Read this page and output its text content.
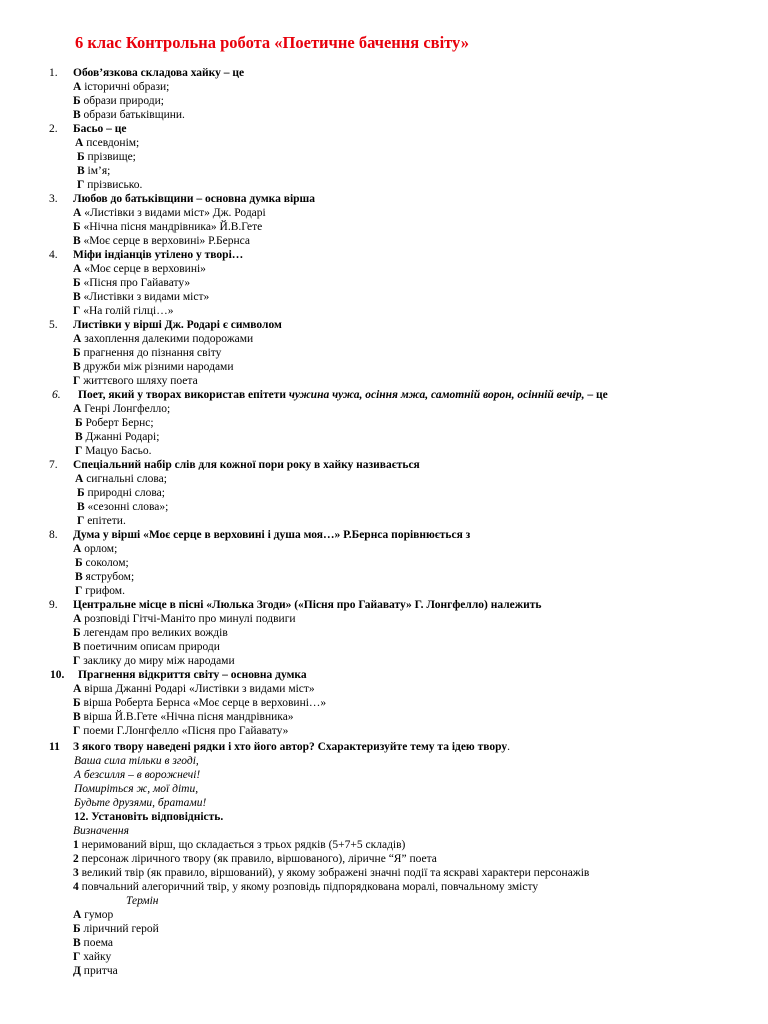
6 клас Контрольна робота «Поетичне бачення світу»
1. Обов’язкова складова хайку – це
А історичні образи;
Б образи природи;
В образи батьківщини.
2. Басьо – це
А псевдонім;
Б прізвище;
В ім’я;
Г прізвисько.
3. Любов до батьківщини – основна думка вірша
А «Листівки з видами міст» Дж. Родарі
Б «Нічна пісня мандрівника» Й.В.Гете
В «Моє серце в верховині» Р.Бернса
4. Міфи індіанців утілено у творі…
А «Моє серце в верховині»
Б «Пісня про Гайавату»
В «Листівки з видами міст»
Г «На голій гілці…»
5. Листівки у вірші Дж. Родарі є символом
А захоплення далекими подорожами
Б прагнення до пізнання світу
В дружби між різними народами
Г життєвого шляху поета
6. Поет, який у творах використав епітети чужина чужа, осіння мжа, самотній ворон, осінній вечір, – це
А Генрі Лонгфелло;
Б Роберт Бернс;
В Джанні Родарі;
Г Мацуо Басьо.
7. Спеціальний набір слів для кожної пори року в хайку називається
А сигнальні слова;
Б природні слова;
В «сезонні слова»;
Г епітети.
8. Дума у вірші «Моє серце в верховині і душа моя…» Р.Бернса порівнюється з
А орлом;
Б соколом;
В яструбом;
Г грифом.
9. Центральне місце в пісні «Люлька Згоди» («Пісня про Гайавату» Г. Лонгфелло) належить
А розповіді Гітчі-Маніто про минулі подвиги
Б легендам про великих вождів
В поетичним описам природи
Г заклику до миру між народами
10. Прагнення відкриття світу – основна думка
А вірша Джанні Родарі «Листівки з видами міст»
Б вірша Роберта Бернса «Моє серце в верховині…»
В вірша Й.В.Гете «Нічна пісня мандрівника»
Г поеми Г.Лонгфелло «Пісня про Гайавату»
11 З якого твору наведені рядки і хто його автор? Схарактеризуйте тему та ідею твору.
Ваша сила тільки в згоді,
А безсилля – в ворожнечі!
Помиріться ж, мої діти,
Будьте друзями, братами!
12. Установіть відповідність.
Визначення
1 неримований вірш, що складається з трьох рядків (5+7+5 складів)
2 персонаж ліричного твору (як правило, віршованого), ліричне “Я” поета
3 великий твір (як правило, віршований), у якому зображені значні події та яскраві характери персонажів
4 повчальний алегоричний твір, у якому розповідь підпорядкована моралі, повчальному змісту
Термін
А гумор
Б ліричний герой
В поема
Г хайку
Д притча
